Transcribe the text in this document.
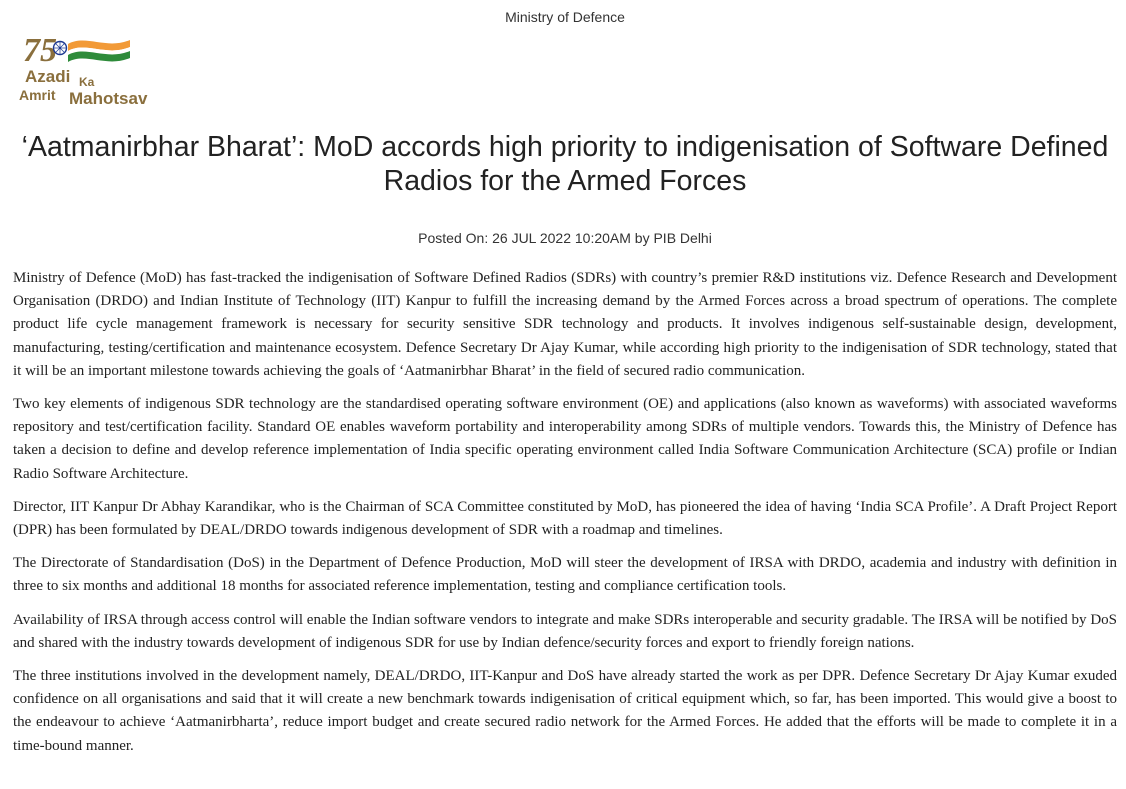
Ministry of Defence
75
Azadi Ka
Amrit Mahotsav
‘Aatmanirbhar Bharat’: MoD accords high priority to indigenisation of Software Defined Radios for the Armed Forces
Posted On: 26 JUL 2022 10:20AM by PIB Delhi

Ministry of Defence (MoD) has fast-tracked the indigenisation of Software Defined Radios (SDRs) with country’s premier R&D institutions viz. Defence Research and Development Organisation (DRDO) and Indian Institute of Technology (IIT) Kanpur to fulfill the increasing demand by the Armed Forces across a broad spectrum of operations. The complete product life cycle management framework is necessary for security sensitive SDR technology and products. It involves indigenous self-sustainable design, development, manufacturing, testing/certification and maintenance ecosystem. Defence Secretary Dr Ajay Kumar, while according high priority to the indigenisation of SDR technology, stated that it will be an important milestone towards achieving the goals of ‘Aatmanirbhar Bharat’ in the field of secured radio communication.

Two key elements of indigenous SDR technology are the standardised operating software environment (OE) and applications (also known as waveforms) with associated waveforms repository and test/certification facility. Standard OE enables waveform portability and interoperability among SDRs of multiple vendors. Towards this, the Ministry of Defence has taken a decision to define and develop reference implementation of India specific operating environment called India Software Communication Architecture (SCA) profile or Indian Radio Software Architecture.

Director, IIT Kanpur Dr Abhay Karandikar, who is the Chairman of SCA Committee constituted by MoD, has pioneered the idea of having ‘India SCA Profile’. A Draft Project Report (DPR) has been formulated by DEAL/DRDO towards indigenous development of SDR with a roadmap and timelines.

The Directorate of Standardisation (DoS) in the Department of Defence Production, MoD will steer the development of IRSA with DRDO, academia and industry with definition in three to six months and additional 18 months for associated reference implementation, testing and compliance certification tools.

Availability of IRSA through access control will enable the Indian software vendors to integrate and make SDRs interoperable and security gradable. The IRSA will be notified by DoS and shared with the industry towards development of indigenous SDR for use by Indian defence/security forces and export to friendly foreign nations.

The three institutions involved in the development namely, DEAL/DRDO, IIT-Kanpur and DoS have already started the work as per DPR. Defence Secretary Dr Ajay Kumar exuded confidence on all organisations and said that it will create a new benchmark towards indigenisation of critical equipment which, so far, has been imported. This would give a boost to the endeavour to achieve ‘Aatmanirbharta’, reduce import budget and create secured radio network for the Armed Forces. He added that the efforts will be made to complete it in a time-bound manner.
